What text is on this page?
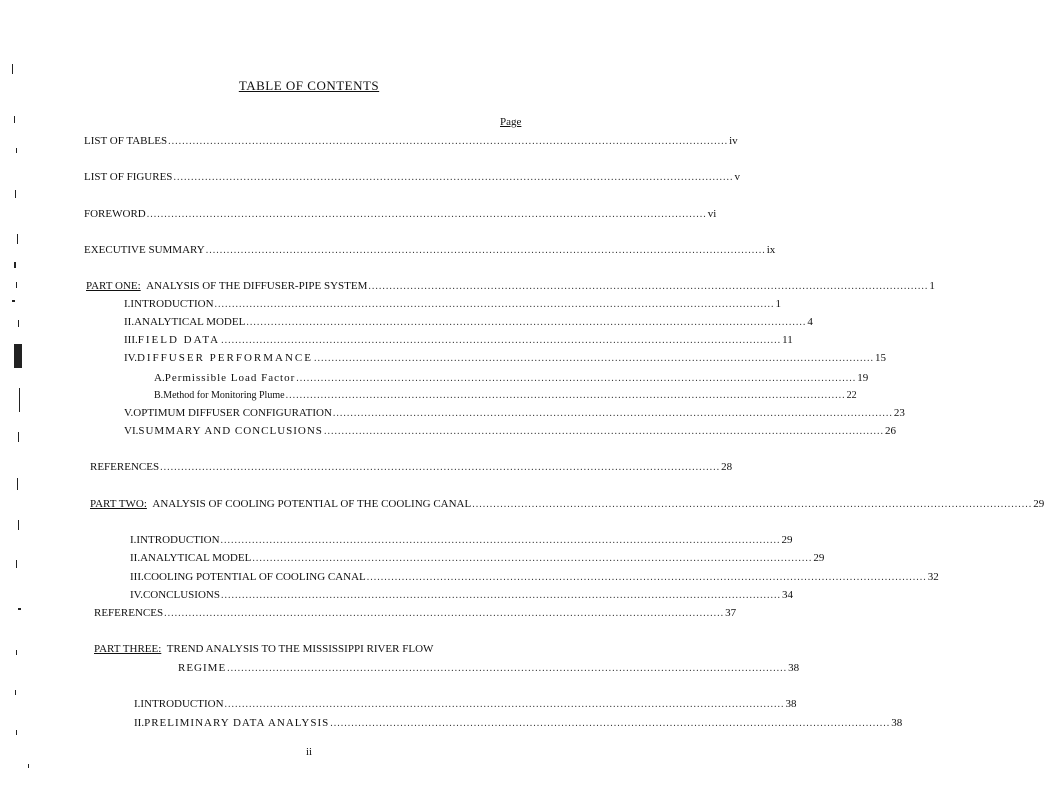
TABLE OF CONTENTS
Page
LIST OF TABLES ................................................................................................................................................................ iv
LIST OF FIGURES ................................................................................................................................................................ v
FOREWORD ................................................................................................................................................................ vi
EXECUTIVE SUMMARY ................................................................................................................................................................ ix
PART ONE: ANALYSIS OF THE DIFFUSER-PIPE SYSTEM ................................................................................................................................................................ 1
I. INTRODUCTION ................................................................................................................................................................ 1
II. ANALYTICAL MODEL ................................................................................................................................................................ 4
III. FIELD DATA ................................................................................................................................................................ 11
IV. DIFFUSER PERFORMANCE ................................................................................................................................................................ 15
A. Permissible Load Factor ................................................................................................................................................................ 19
B. Method for Monitoring Plume ................................................................................................................................................................ 22
V. OPTIMUM DIFFUSER CONFIGURATION ................................................................................................................................................................ 23
VI. SUMMARY AND CONCLUSIONS ................................................................................................................................................................ 26
REFERENCES ................................................................................................................................................................ 28
PART TWO: ANALYSIS OF COOLING POTENTIAL OF THE COOLING CANAL ................................................................................................................................................................ 29
I. INTRODUCTION ................................................................................................................................................................ 29
II. ANALYTICAL MODEL ................................................................................................................................................................ 29
III. COOLING POTENTIAL OF COOLING CANAL ................................................................................................................................................................ 32
IV. CONCLUSIONS ................................................................................................................................................................ 34
REFERENCES ................................................................................................................................................................ 37
PART THREE: TREND ANALYSIS TO THE MISSISSIPPI RIVER FLOW
REGIME ................................................................................................................................................................ 38
I. INTRODUCTION ................................................................................................................................................................ 38
II. PRELIMINARY DATA ANALYSIS ................................................................................................................................................................ 38
ii
